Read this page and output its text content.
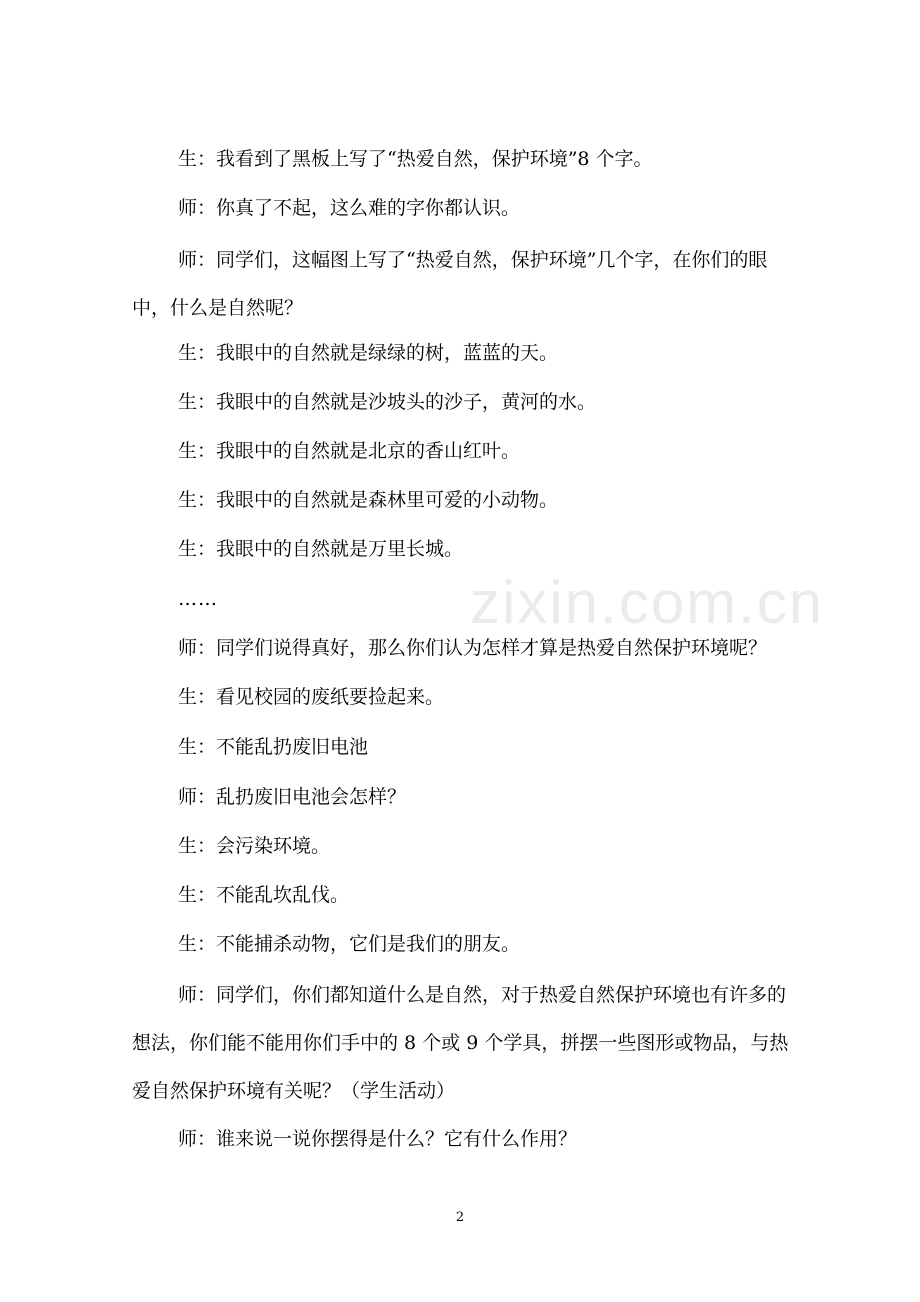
zixin.com.cn

生：我看到了黑板上写了“热爱自然，保护环境”8 个字。

师：你真了不起，这么难的字你都认识。

师：同学们，这幅图上写了“热爱自然，保护环境”几个字，在你们的眼中，什么是自然呢？

生：我眼中的自然就是绿绿的树，蓝蓝的天。

生：我眼中的自然就是沙坡头的沙子，黄河的水。

生：我眼中的自然就是北京的香山红叶。

生：我眼中的自然就是森林里可爱的小动物。

生：我眼中的自然就是万里长城。

……

师：同学们说得真好，那么你们认为怎样才算是热爱自然保护环境呢？

生：看见校园的废纸要捡起来。

生：不能乱扔废旧电池

师：乱扔废旧电池会怎样？

生：会污染环境。

生：不能乱坎乱伐。

生：不能捕杀动物，它们是我们的朋友。

师：同学们，你们都知道什么是自然，对于热爱自然保护环境也有许多的想法，你们能不能用你们手中的 8 个或 9 个学具，拼摆一些图形或物品，与热爱自然保护环境有关呢？（学生活动）

师：谁来说一说你摆得是什么？它有什么作用？

2
